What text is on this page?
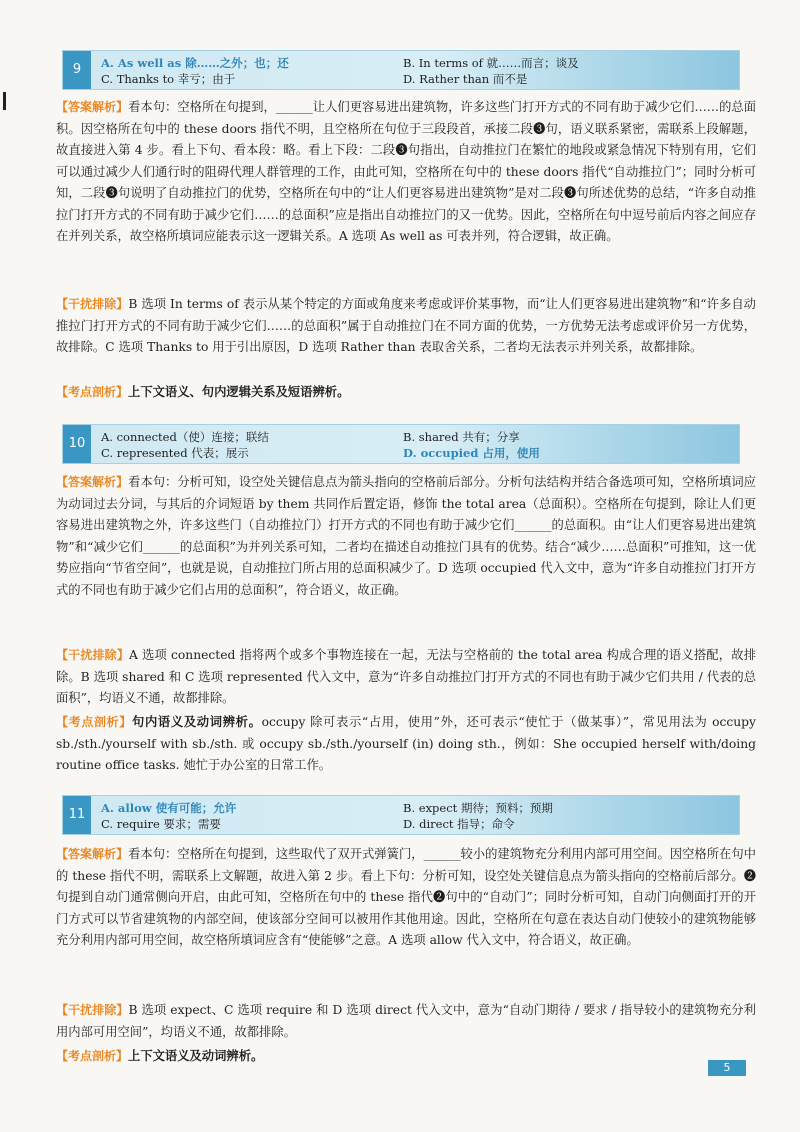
9	A. As well as 除……之外；也；还	B. In terms of 就……而言；谈及
C. Thanks to 幸亏；由于	D. Rather than 而不是

【答案解析】看本句：空格所在句提到，______让人们更容易进出建筑物，许多这些门打开方式的不同有助于减少它们……的总面积。因空格所在句中的 these doors 指代不明，且空格所在句位于三段段首，承接二段❸句，语义联系紧密，需联系上段解题，故直接进入第 4 步。看上下句、看本段：略。看上下段：二段❸句指出，自动推拉门在繁忙的地段或紧急情况下特别有用，它们可以通过减少人们通行时的阻碍代理人群管理的工作，由此可知，空格所在句中的 these doors 指代“自动推拉门”；同时分析可知，二段❸句说明了自动推拉门的优势，空格所在句中的“让人们更容易进出建筑物”是对二段❸句所述优势的总结，“许多自动推拉门打开方式的不同有助于减少它们……的总面积”应是指出自动推拉门的又一优势。因此，空格所在句中逗号前后内容之间应存在并列关系，故空格所填词应能表示这一逻辑关系。A 选项 As well as 可表并列，符合逻辑，故正确。

【干扰排除】B 选项 In terms of 表示从某个特定的方面或角度来考虑或评价某事物，而“让人们更容易进出建筑物”和“许多自动推拉门打开方式的不同有助于减少它们……的总面积”属于自动推拉门在不同方面的优势，一方优势无法考虑或评价另一方优势，故排除。C 选项 Thanks to 用于引出原因，D 选项 Rather than 表取舍关系，二者均无法表示并列关系，故都排除。

【考点剖析】上下文语义、句内逻辑关系及短语辨析。

10	A. connected（使）连接；联结	B. shared 共有；分享
C. represented 代表；展示	D. occupied 占用，使用

【答案解析】看本句：分析可知，设空处关键信息点为箭头指向的空格前后部分。分析句法结构并结合备选项可知，空格所填词应为动词过去分词，与其后的介词短语 by them 共同作后置定语，修饰 the total area（总面积）。空格所在句提到，除让人们更容易进出建筑物之外，许多这些门（自动推拉门）打开方式的不同也有助于减少它们______的总面积。由“让人们更容易进出建筑物”和“减少它们______的总面积”为并列关系可知，二者均在描述自动推拉门具有的优势。结合“减少……总面积”可推知，这一优势应指向“节省空间”，也就是说，自动推拉门所占用的总面积减少了。D 选项 occupied 代入文中，意为“许多自动推拉门打开方式的不同也有助于减少它们占用的总面积”，符合语义，故正确。

【干扰排除】A 选项 connected 指将两个或多个事物连接在一起，无法与空格前的 the total area 构成合理的语义搭配，故排除。B 选项 shared 和 C 选项 represented 代入文中，意为“许多自动推拉门打开方式的不同也有助于减少它们共用 / 代表的总面积”，均语义不通，故都排除。

【考点剖析】句内语义及动词辨析。occupy 除可表示“占用，使用”外，还可表示“使忙于（做某事）”，常见用法为 occupy sb./sth./yourself with sb./sth. 或 occupy sb./sth./yourself (in) doing sth.，例如：She occupied herself with/doing routine office tasks. 她忙于办公室的日常工作。

11	A. allow 使有可能；允许	B. expect 期待；预料；预期
C. require 要求；需要	D. direct 指导；命令

【答案解析】看本句：空格所在句提到，这些取代了双开式弹簧门，______较小的建筑物充分利用内部可用空间。因空格所在句中的 these 指代不明，需联系上文解题，故进入第 2 步。看上下句：分析可知，设空处关键信息点为箭头指向的空格前后部分。❷句提到自动门通常侧向开启，由此可知，空格所在句中的 these 指代❷句中的“自动门”；同时分析可知，自动门向侧面打开的开门方式可以节省建筑物的内部空间，使该部分空间可以被用作其他用途。因此，空格所在句意在表达自动门使较小的建筑物能够充分利用内部可用空间，故空格所填词应含有“使能够”之意。A 选项 allow 代入文中，符合语义，故正确。

【干扰排除】B 选项 expect、C 选项 require 和 D 选项 direct 代入文中，意为“自动门期待 / 要求 / 指导较小的建筑物充分利用内部可用空间”，均语义不通，故都排除。

【考点剖析】上下文语义及动词辨析。

5
